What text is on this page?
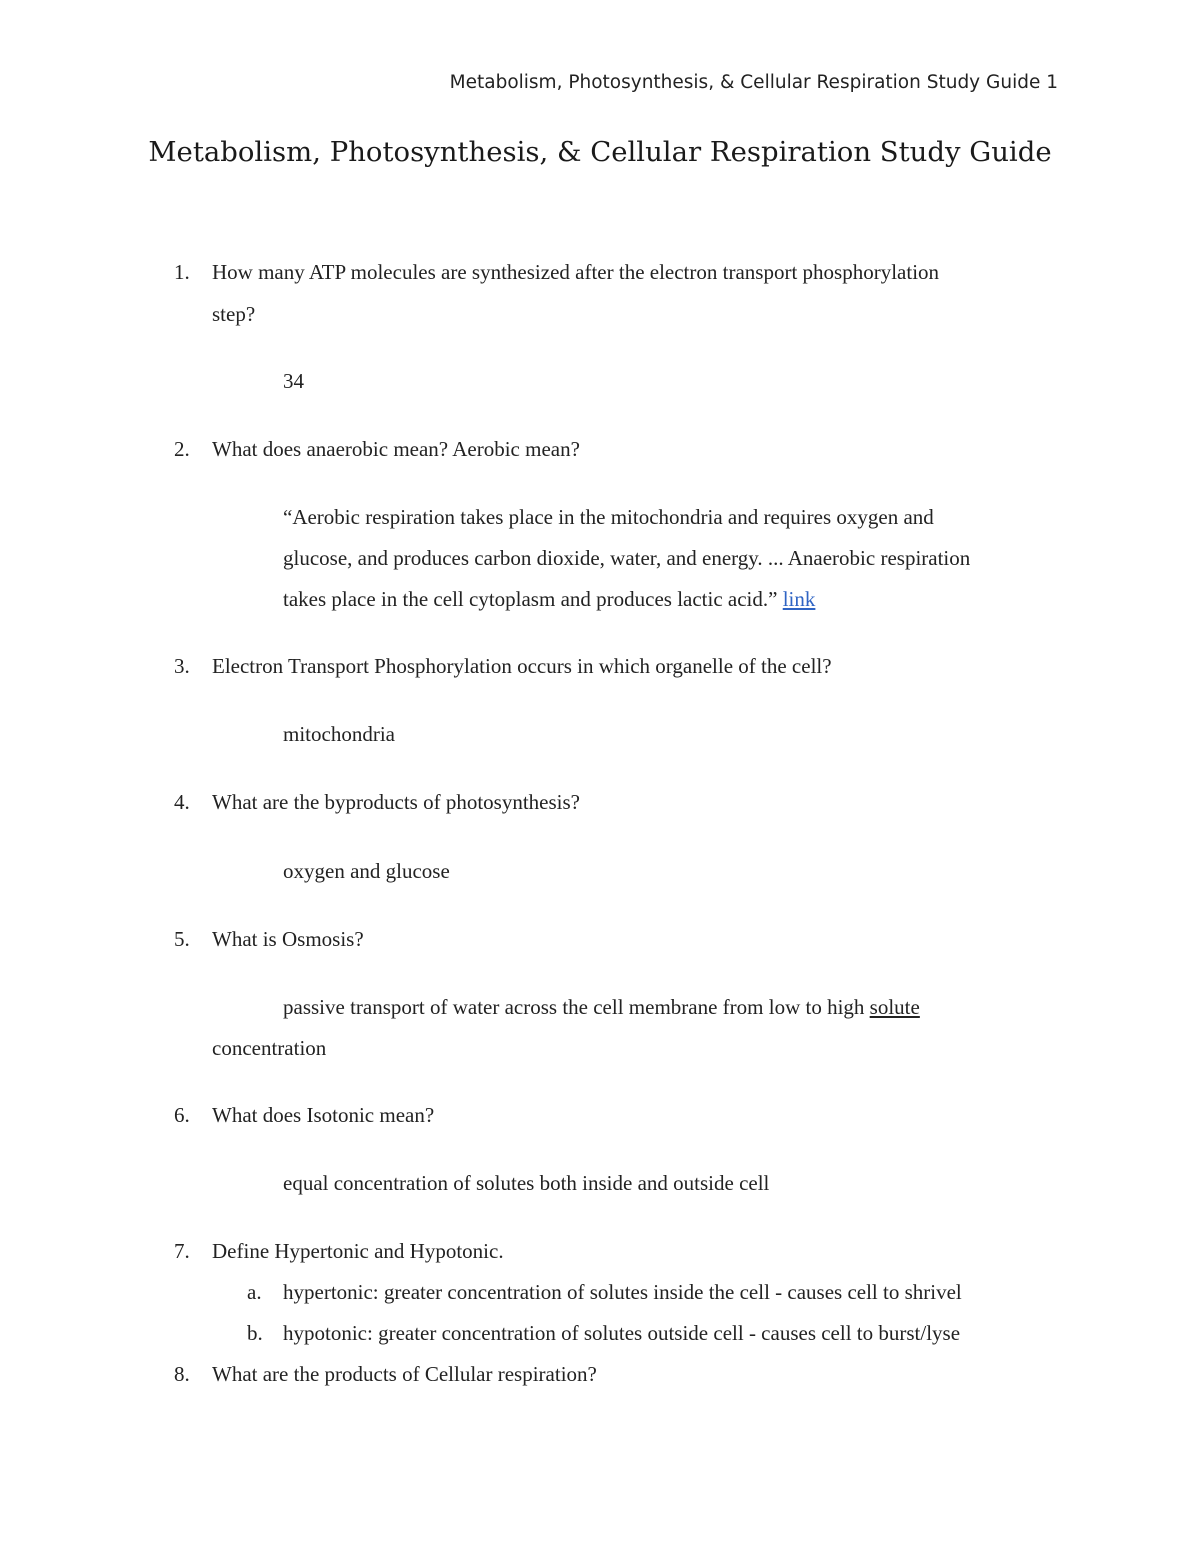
Metabolism, Photosynthesis, & Cellular Respiration Study Guide 1
Metabolism, Photosynthesis, & Cellular Respiration Study Guide
1. How many ATP molecules are synthesized after the electron transport phosphorylation
step?
34
2. What does anaerobic mean? Aerobic mean?
“Aerobic respiration takes place in the mitochondria and requires oxygen and
glucose, and produces carbon dioxide, water, and energy. ... Anaerobic respiration
takes place in the cell cytoplasm and produces lactic acid.” link
3. Electron Transport Phosphorylation occurs in which organelle of the cell?
mitochondria
4. What are the byproducts of photosynthesis?
oxygen and glucose
5. What is Osmosis?
passive transport of water across the cell membrane from low to high solute
concentration
6. What does Isotonic mean?
equal concentration of solutes both inside and outside cell
7. Define Hypertonic and Hypotonic.
a. hypertonic: greater concentration of solutes inside the cell - causes cell to shrivel
b. hypotonic: greater concentration of solutes outside cell - causes cell to burst/lyse
8. What are the products of Cellular respiration?
